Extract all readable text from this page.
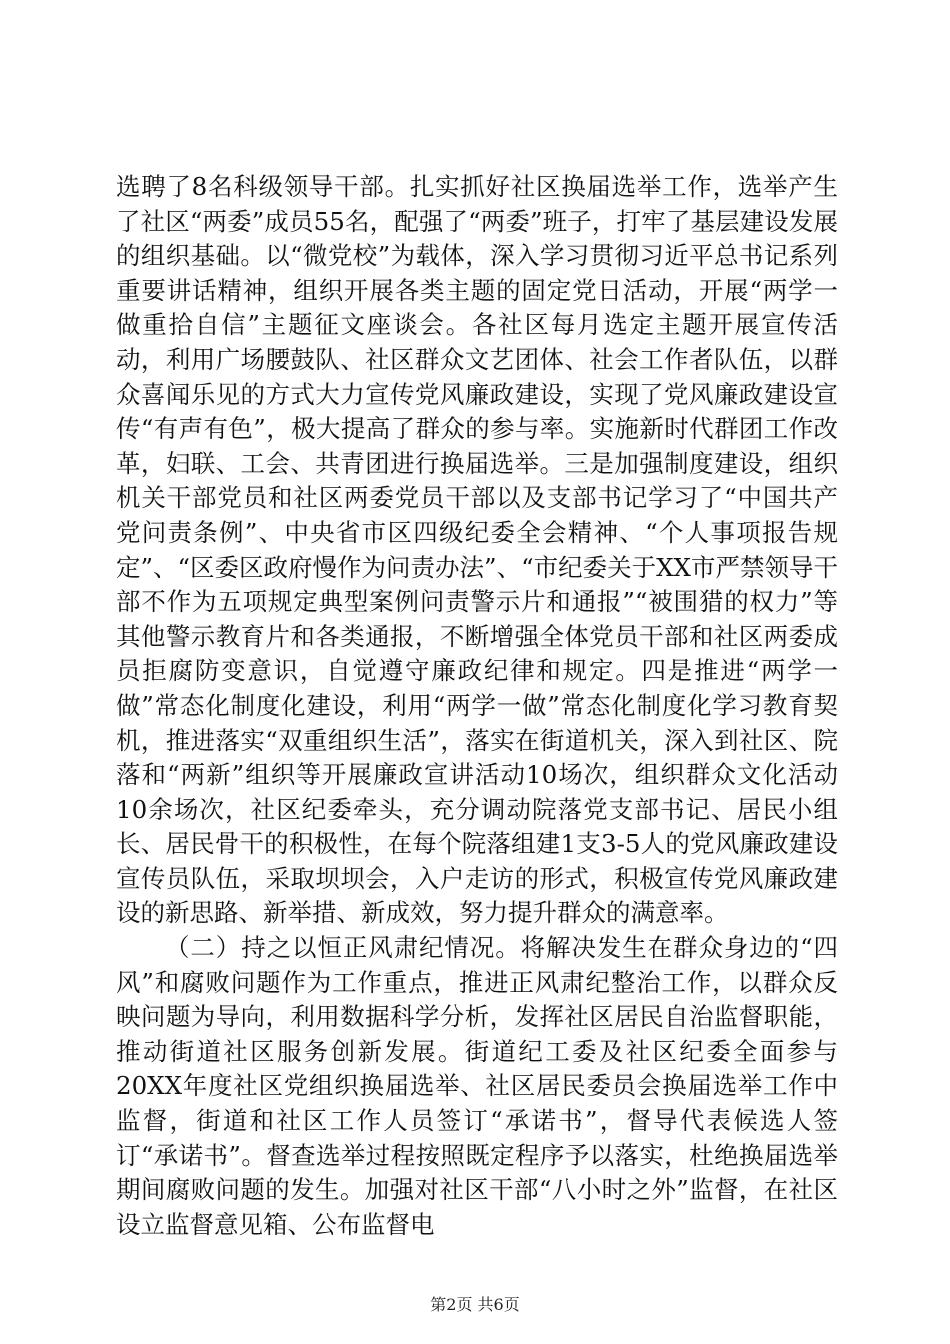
选聘了8名科级领导干部。扎实抓好社区换届选举工作，选举产生了社区“两委”成员55名，配强了“两委”班子，打牢了基层建设发展的组织基础。以“微党校”为载体，深入学习贯彻习近平总书记系列重要讲话精神，组织开展各类主题的固定党日活动，开展“两学一做重拾自信”主题征文座谈会。各社区每月选定主题开展宣传活动，利用广场腰鼓队、社区群众文艺团体、社会工作者队伍，以群众喜闻乐见的方式大力宣传党风廉政建设，实现了党风廉政建设宣传“有声有色”，极大提高了群众的参与率。实施新时代群团工作改革，妇联、工会、共青团进行换届选举。三是加强制度建设，组织机关干部党员和社区两委党员干部以及支部书记学习了“中国共产党问责条例”、中央省市区四级纪委全会精神、“个人事项报告规定”、“区委区政府慢作为问责办法”、“市纪委关于XX市严禁领导干部不作为五项规定典型案例问责警示片和通报”“被围猎的权力”等其他警示教育片和各类通报，不断增强全体党员干部和社区两委成员拒腐防变意识，自觉遵守廉政纪律和规定。四是推进“两学一做”常态化制度化建设，利用“两学一做”常态化制度化学习教育契机，推进落实“双重组织生活”，落实在街道机关，深入到社区、院落和“两新”组织等开展廉政宣讲活动10场次，组织群众文化活动10余场次，社区纪委牵头，充分调动院落党支部书记、居民小组长、居民骨干的积极性，在每个院落组建1支3-5人的党风廉政建设宣传员队伍，采取坝坝会，入户走访的形式，积极宣传党风廉政建设的新思路、新举措、新成效，努力提升群众的满意率。

（二）持之以恒正风肃纪情况。将解决发生在群众身边的“四风”和腐败问题作为工作重点，推进正风肃纪整治工作，以群众反映问题为导向，利用数据科学分析，发挥社区居民自治监督职能，推动街道社区服务创新发展。街道纪工委及社区纪委全面参与20XX年度社区党组织换届选举、社区居民委员会换届选举工作中监督，街道和社区工作人员签订“承诺书”，督导代表候选人签订“承诺书”。督查选举过程按照既定程序予以落实，杜绝换届选举期间腐败问题的发生。加强对社区干部“八小时之外”监督，在社区设立监督意见箱、公布监督电

第2页 共6页
